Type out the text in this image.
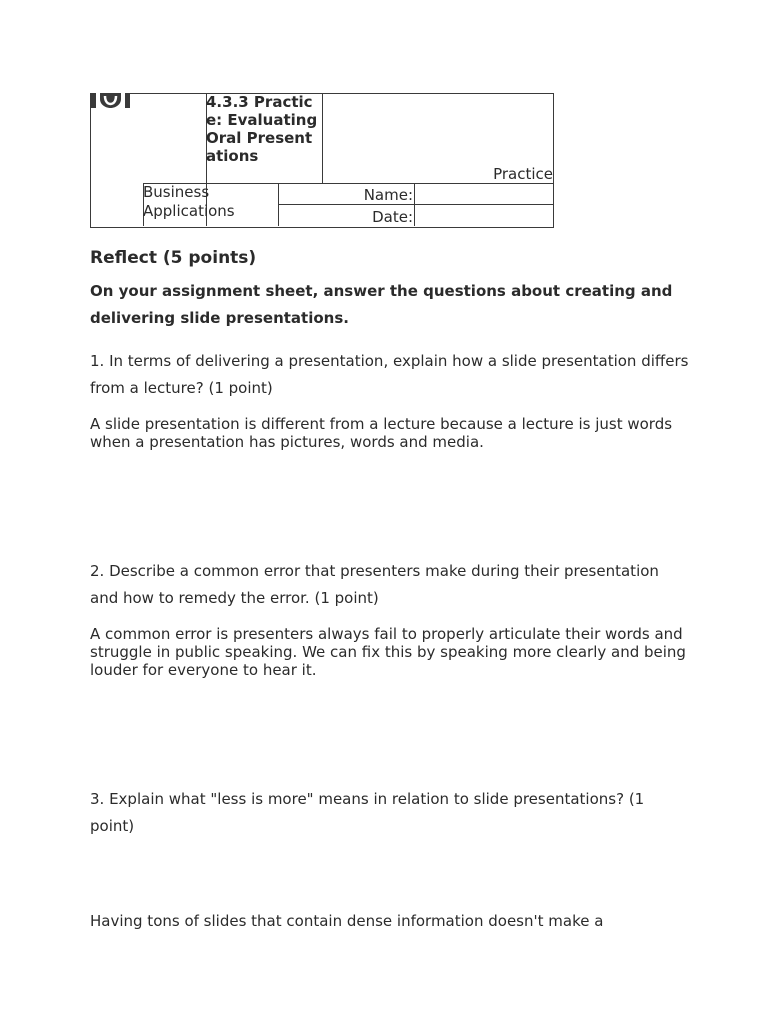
4.3.3 Practice: Evaluating Oral Presentations
Practice
Business Applications
Name:
Date:
Reflect (5 points)
On your assignment sheet, answer the questions about creating and delivering slide presentations.
1. In terms of delivering a presentation, explain how a slide presentation differs from a lecture? (1 point)
A slide presentation is different from a lecture because a lecture is just words when a presentation has pictures, words and media.
2. Describe a common error that presenters make during their presentation and how to remedy the error. (1 point)
A common error is presenters always fail to properly articulate their words and struggle in public speaking. We can fix this by speaking more clearly and being louder for everyone to hear it.
3. Explain what "less is more" means in relation to slide presentations? (1 point)
Having tons of slides that contain dense information doesn't make a
